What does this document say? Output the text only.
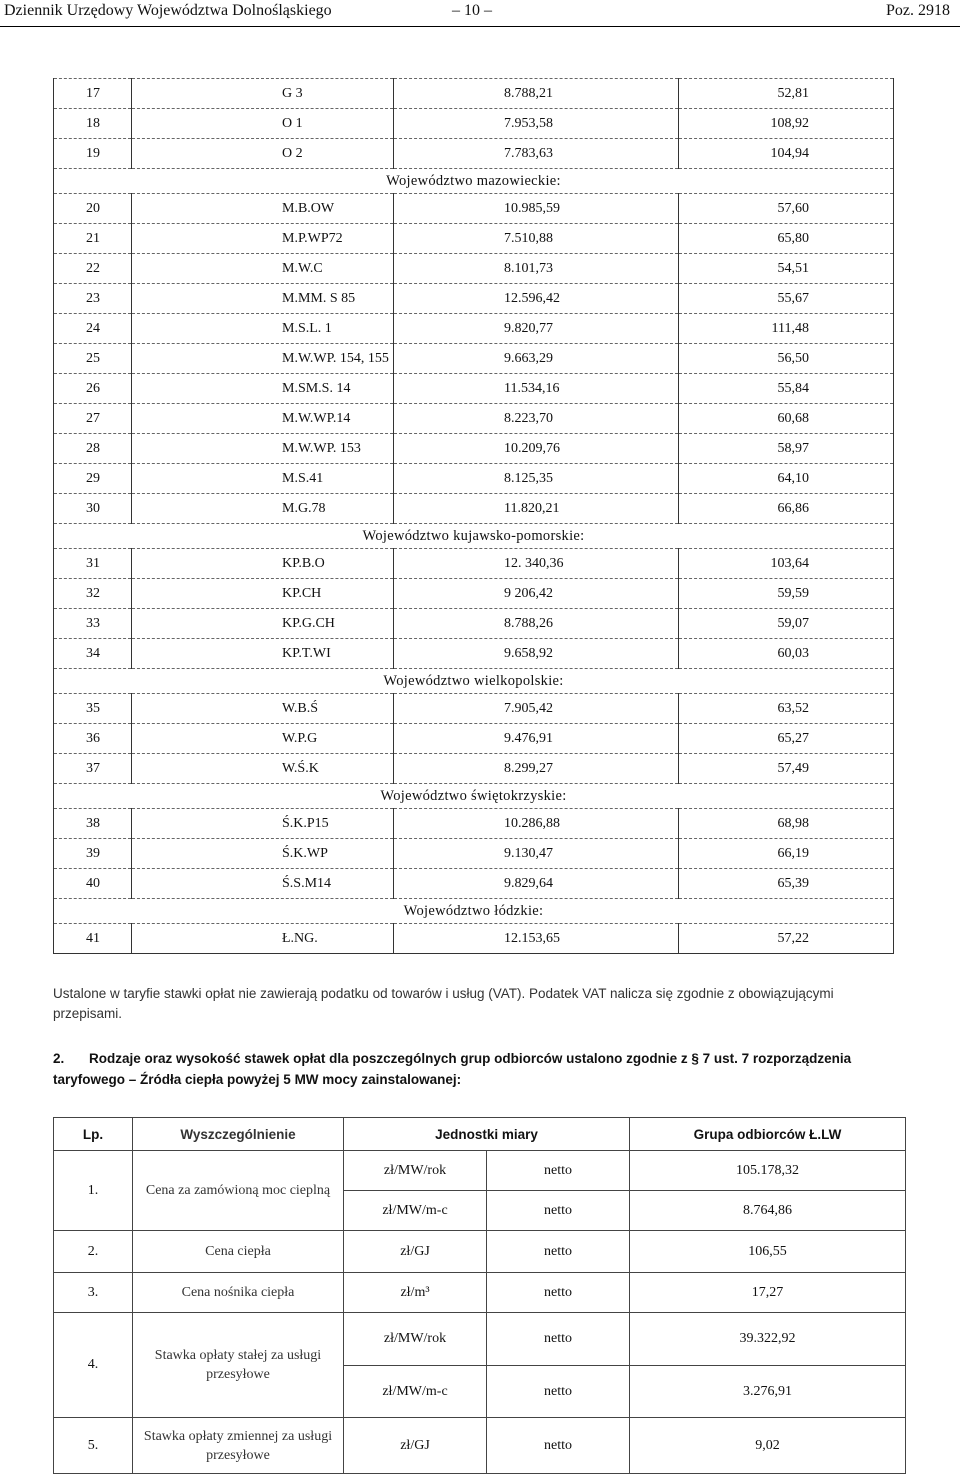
Dziennik Urzędowy Województwa Dolnośląskiego	– 10 –	Poz. 2918
17	G 3	8.788,21	52,81
18	O 1	7.953,58	108,92
19	O 2	7.783,63	104,94
Województwo mazowieckie:			
20	M.B.OW	10.985,59	57,60
21	M.P.WP72	7.510,88	65,80
22	M.W.C	8.101,73	54,51
23	M.MM. S 85	12.596,42	55,67
24	M.S.L. 1	9.820,77	111,48
25	M.W.WP. 154, 155	9.663,29	56,50
26	M.SM.S. 14	11.534,16	55,84
27	M.W.WP.14	8.223,70	60,68
28	M.W.WP. 153	10.209,76	58,97
29	M.S.41	8.125,35	64,10
30	M.G.78	11.820,21	66,86
Województwo kujawsko-pomorskie:			
31	KP.B.O	12. 340,36	103,64
32	KP.CH	9 206,42	59,59
33	KP.G.CH	8.788,26	59,07
34	KP.T.WI	9.658,92	60,03
Województwo wielkopolskie:			
35	W.B.Ś	7.905,42	63,52
36	W.P.G	9.476,91	65,27
37	W.Ś.K	8.299,27	57,49
Województwo świętokrzyskie:			
38	Ś.K.P15	10.286,88	68,98
39	Ś.K.WP	9.130,47	66,19
40	Ś.S.M14	9.829,64	65,39
Województwo łódzkie:			
41	Ł.NG.	12.153,65	57,22
Ustalone w taryfie stawki opłat nie zawierają podatku od towarów i usług (VAT). Podatek VAT nalicza się zgodnie z obowiązującymi przepisami.
2. Rodzaje oraz wysokość stawek opłat dla poszczególnych grup odbiorców ustalono zgodnie z § 7 ust. 7 rozporządzenia taryfowego – Źródła ciepła powyżej 5 MW mocy zainstalowanej:
Lp.	Wyszczególnienie	Jednostki miary		Grupa odbiorców Ł.LW
1.	Cena za zamówioną moc cieplną	zł/MW/rok	netto	105.178,32
		zł/MW/m-c	netto	8.764,86
2.	Cena ciepła	zł/GJ	netto	106,55
3.	Cena nośnika ciepła	zł/m³	netto	17,27
4.	Stawka opłaty stałej za usługi przesyłowe	zł/MW/rok	netto	39.322,92
		zł/MW/m-c	netto	3.276,91
5.	Stawka opłaty zmiennej za usługi przesyłowe	zł/GJ	netto	9,02
